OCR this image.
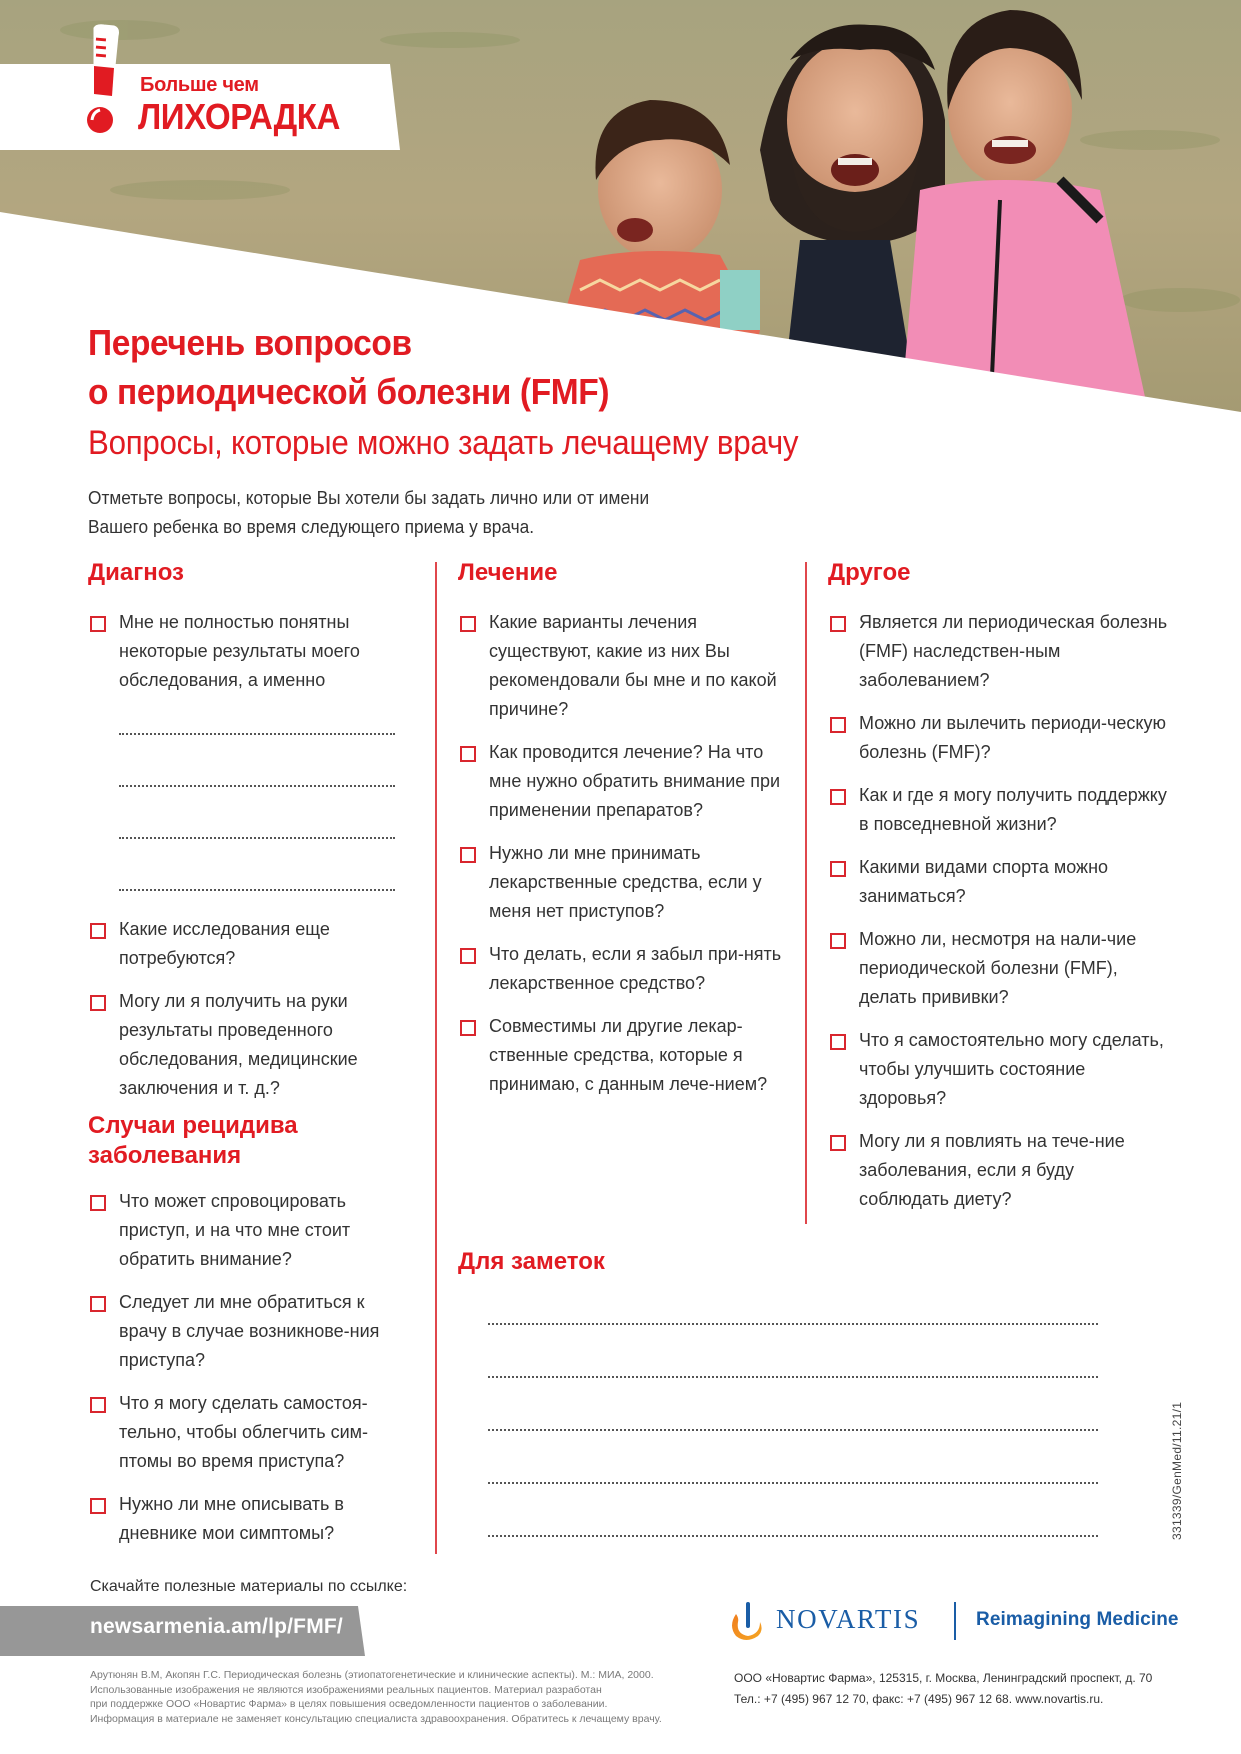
Больше чем
ЛИХОРАДКА
Перечень вопросов
о периодической болезни (FMF)
Вопросы, которые можно задать лечащему врачу
Отметьте вопросы, которые Вы хотели бы задать лично или от имени
Вашего ребенка во время следующего приема у врача.
Диагноз
Мне не полностью понятны некоторые результаты моего обследования, а именно
Какие исследования еще потребуются?
Могу ли я получить на руки результаты проведенного обследования, медицинские заключения и т. д.?
Случаи рецидива
заболевания
Что может спровоцировать приступ, и на что мне стоит обратить внимание?
Следует ли мне обратиться к врачу в случае возникнове-ния приступа?
Что я могу сделать самостоя-тельно, чтобы облегчить сим-птомы во время приступа?
Нужно ли мне описывать в дневнике мои симптомы?
Лечение
Какие варианты лечения существуют, какие из них Вы рекомендовали бы мне и по какой причине?
Как проводится лечение? На что мне нужно обратить внимание при применении препаратов?
Нужно ли мне принимать лекарственные средства, если у меня нет приступов?
Что делать, если я забыл при-нять лекарственное средство?
Совместимы ли другие лекар-ственные средства, которые я принимаю, с данным лече-нием?
Другое
Является ли периодическая болезнь (FMF) наследствен-ным заболеванием?
Можно ли вылечить периоди-ческую болезнь (FMF)?
Как и где я могу получить поддержку в повседневной жизни?
Какими видами спорта можно заниматься?
Можно ли, несмотря на нали-чие периодической болезни (FMF), делать прививки?
Что я самостоятельно могу сделать, чтобы улучшить состояние здоровья?
Могу ли я повлиять на тече-ние заболевания, если я буду соблюдать диету?
Для заметок
331339/GenMed/11.21/1
Скачайте полезные материалы по ссылке:
newsarmenia.am/lp/FMF/
Арутюнян В.М, Акопян Г.С. Периодическая болезнь (этиопатогенетические и клинические аспекты). М.: МИА, 2000.
Использованные изображения не являются изображениями реальных пациентов. Материал разработан
при поддержке ООО «Новартис Фарма» в целях повышения осведомленности пациентов о заболевании.
Информация в материале не заменяет консультацию специалиста здравоохранения. Обратитесь к лечащему врачу.
NOVARTIS	Reimagining Medicine
ООО «Новартис Фарма», 125315, г. Москва, Ленинградский проспект, д. 70
Тел.: +7 (495) 967 12 70, факс: +7 (495) 967 12 68. www.novartis.ru.
